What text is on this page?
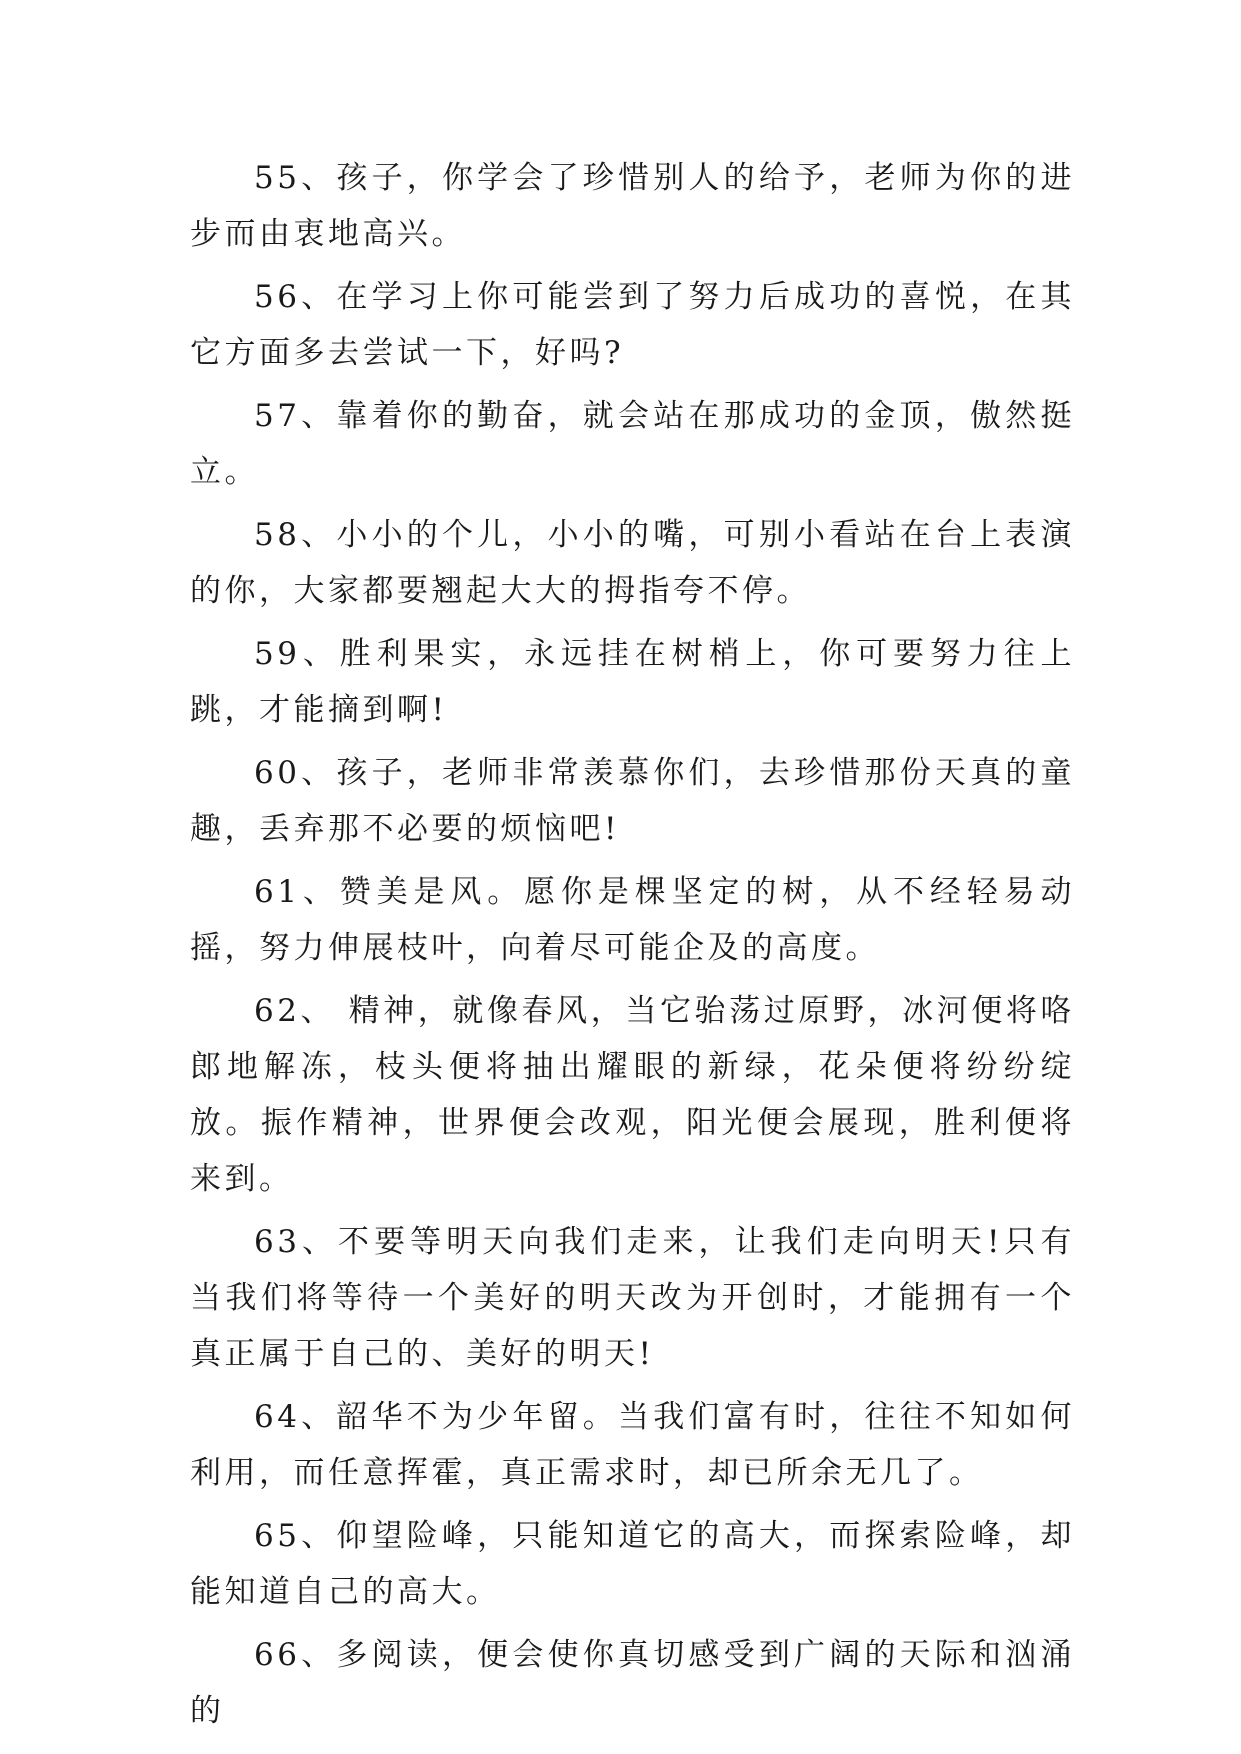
55、孩子，你学会了珍惜别人的给予，老师为你的进步而由衷地高兴。

56、在学习上你可能尝到了努力后成功的喜悦，在其它方面多去尝试一下，好吗?

57、靠着你的勤奋，就会站在那成功的金顶，傲然挺立。

58、小小的个儿，小小的嘴，可别小看站在台上表演的你，大家都要翘起大大的拇指夸不停。

59、胜利果实，永远挂在树梢上，你可要努力往上跳，才能摘到啊!

60、孩子，老师非常羡慕你们，去珍惜那份天真的童趣，丢弃那不必要的烦恼吧!

61、赞美是风。愿你是棵坚定的树，从不经轻易动摇，努力伸展枝叶，向着尽可能企及的高度。

62、 精神，就像春风，当它骀荡过原野，冰河便将咯郎地解冻，枝头便将抽出耀眼的新绿，花朵便将纷纷绽放。振作精神，世界便会改观，阳光便会展现，胜利便将来到。

63、不要等明天向我们走来，让我们走向明天!只有当我们将等待一个美好的明天改为开创时，才能拥有一个真正属于自己的、美好的明天!

64、韶华不为少年留。当我们富有时，往往不知如何利用，而任意挥霍，真正需求时，却已所余无几了。

65、仰望险峰，只能知道它的高大，而探索险峰，却能知道自己的高大。

66、多阅读，便会使你真切感受到广阔的天际和汹涌的
